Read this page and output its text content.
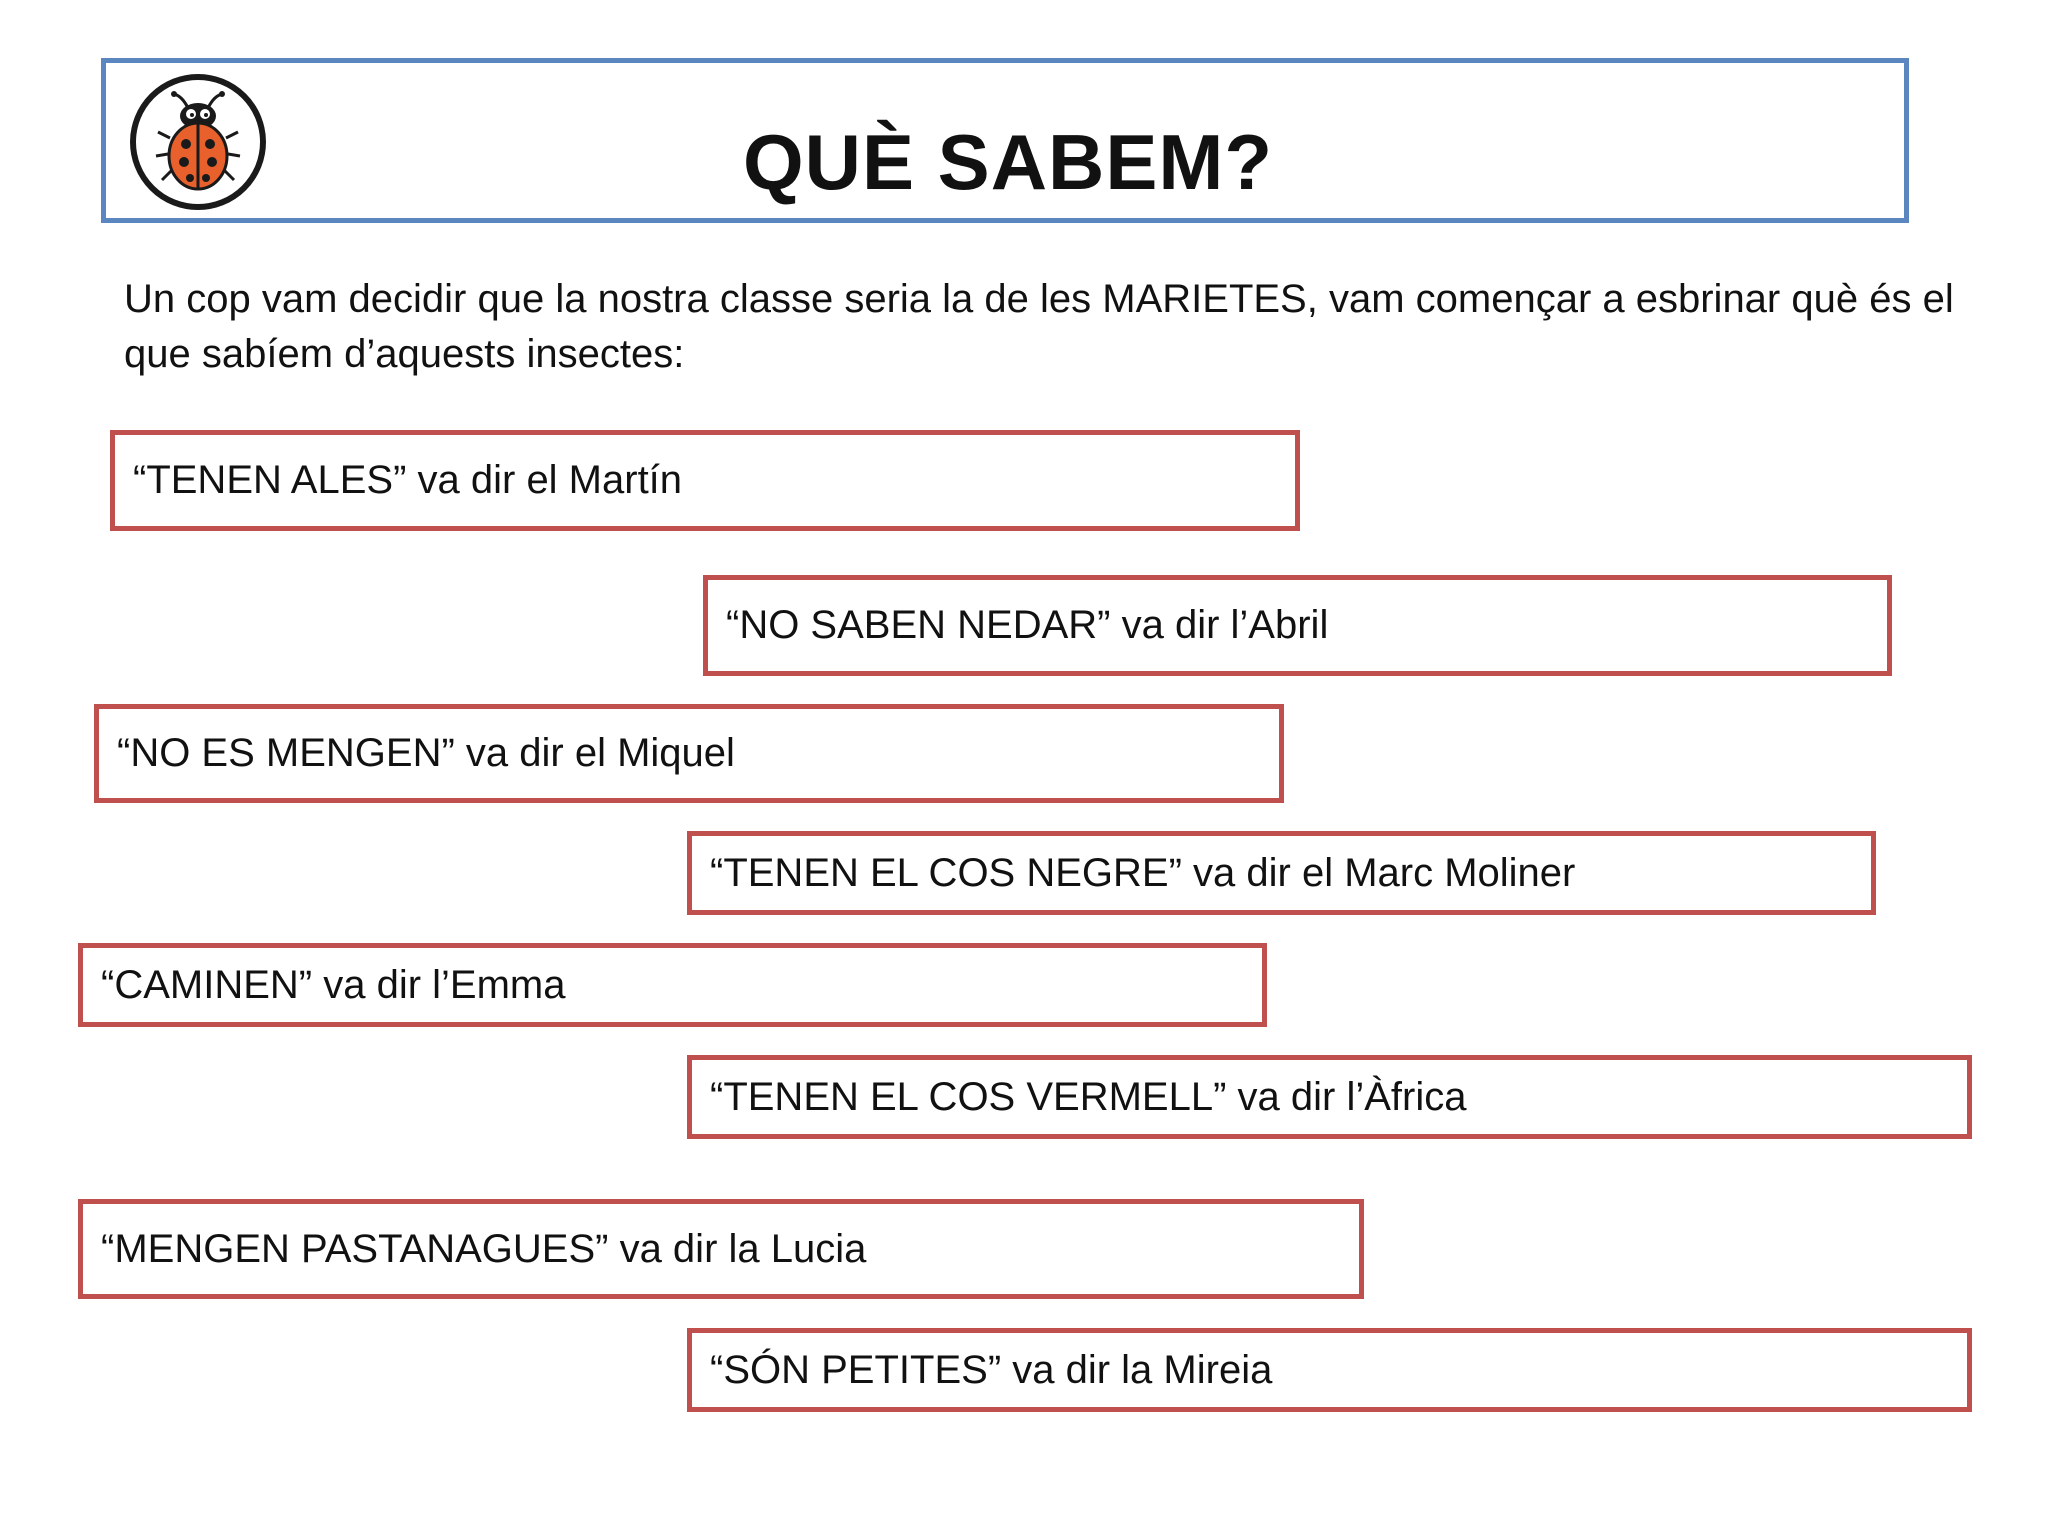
QUÈ SABEM?

Un cop vam decidir que la nostra classe seria la de les MARIETES, vam començar a esbrinar què és el que sabíem d’aquests insectes:

“TENEN ALES” va dir el Martín
“NO SABEN NEDAR” va dir l’Abril
“NO ES MENGEN” va dir el Miquel
“TENEN EL COS NEGRE” va dir el Marc Moliner
“CAMINEN” va dir l’Emma
“TENEN EL COS VERMELL” va dir l’Àfrica
“MENGEN PASTANAGUES” va dir la Lucia
“SÓN PETITES” va dir la Mireia
